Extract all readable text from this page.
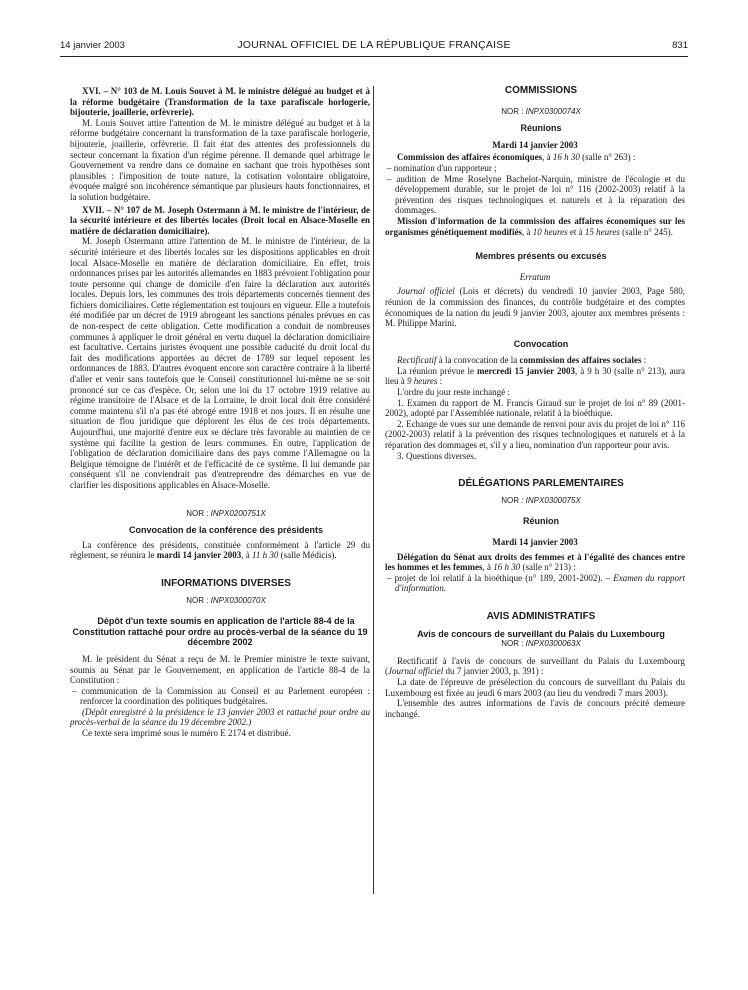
14 janvier 2003	JOURNAL OFFICIEL DE LA RÉPUBLIQUE FRANÇAISE	831

XVI. – N° 103 de M. Louis Souvet à M. le ministre délégué au budget et à la réforme budgétaire (Transformation de la taxe parafiscale horlogerie, bijouterie, joaillerie, orfèvrerie).

M. Louis Souvet attire l'attention de M. le ministre délégué au budget et à la réforme budgétaire concernant la transformation de la taxe parafiscale horlogerie, bijouterie, joaillerie, orfèvrerie. Il fait état des attentes des professionnels du secteur concernant la fixation d'un régime pérenne. Il demande quel arbitrage le Gouvernement va rendre dans ce domaine en sachant que trois hypothèses sont plausibles : l'imposition de toute nature, la cotisation volontaire obligatoire, évoquée malgré son incohérence sémantique par plusieurs hauts fonctionnaires, et la solution budgétaire.

XVII. – N° 107 de M. Joseph Ostermann à M. le ministre de l'intérieur, de la sécurité intérieure et des libertés locales (Droit local en Alsace-Moselle en matière de déclaration domiciliaire).

M. Joseph Ostermann attire l'attention de M. le ministre de l'intérieur, de la sécurité intérieure et des libertés locales sur les dispositions applicables en droit local Alsace-Moselle en matière de déclaration domiciliaire. En effet, trois ordonnances prises par les autorités allemandes en 1883 prévoient l'obligation pour toute personne qui change de domicile d'en faire la déclaration aux autorités locales. Depuis lors, les communes des trois départements concernés tiennent des fichiers domiciliaires. Cette réglementation est toujours en vigueur. Elle a toutefois été modifiée par un décret de 1919 abrogeant les sanctions pénales prévues en cas de non-respect de cette obligation. Cette modification a conduit de nombreuses communes à appliquer le droit général en vertu duquel la déclaration domiciliaire est facultative. Certains juristes évoquent une possible caducité du droit local du fait des modifications apportées au décret de 1789 sur lequel reposent les ordonnances de 1883. D'autres évoquent encore son caractère contraire à la liberté d'aller et venir sans toutefois que le Conseil constitutionnel lui-même ne se soit prononcé sur ce cas d'espèce. Or, selon une loi du 17 octobre 1919 relative au régime transitoire de l'Alsace et de la Lorraine, le droit local doit être considéré comme maintenu s'il n'a pas été abrogé entre 1918 et nos jours. Il en résulte une situation de flou juridique que déplorent les élus de ces trois départements. Aujourd'hui, une majorité d'entre eux se déclare très favorable au maintien de ce système qui facilite la gestion de leurs communes. En outre, l'application de l'obligation de déclaration domiciliaire dans des pays comme l'Allemagne ou la Belgique témoigne de l'intérêt et de l'efficacité de ce système. Il lui demande par conséquent s'il ne conviendrait pas d'entreprendre des démarches en vue de clarifier les dispositions applicables en Alsace-Moselle.

NOR : INPX0200751X

Convocation de la conférence des présidents

La conférence des présidents, constituée conformément à l'article 29 du règlement, se réunira le mardi 14 janvier 2003, à 11 h 30 (salle Médicis).

INFORMATIONS DIVERSES

NOR : INPX0300070X

Dépôt d'un texte soumis en application de l'article 88-4 de la Constitution rattaché pour ordre au procès-verbal de la séance du 19 décembre 2002

M. le président du Sénat a reçu de M. le Premier ministre le texte suivant, soumis au Sénat par le Gouvernement, en application de l'article 88-4 de la Constitution :

– communication de la Commission au Conseil et au Parlement européen : renforcer la coordination des politiques budgétaires.

(Dépôt enregistré à la présidence le 13 janvier 2003 et rattaché pour ordre au procès-verbal de la séance du 19 décembre 2002.)

Ce texte sera imprimé sous le numéro E 2174 et distribué.

COMMISSIONS

NOR : INPX0300074X

Réunions

Mardi 14 janvier 2003

Commission des affaires économiques, à 16 h 30 (salle n° 263) :

– nomination d'un rapporteur ;
– audition de Mme Roselyne Bachelot-Narquin, ministre de l'écologie et du développement durable, sur le projet de loi n° 116 (2002-2003) relatif à la prévention des risques technologiques et naturels et à la réparation des dommages.

Mission d'information de la commission des affaires économiques sur les organismes génétiquement modifiés, à 10 heures et à 15 heures (salle n° 245).

Membres présents ou excusés

Erratum

Journal officiel (Lois et décrets) du vendredi 10 janvier 2003, Page 580, réunion de la commission des finances, du contrôle budgétaire et des comptes économiques de la nation du jeudi 9 janvier 2003, ajouter aux membres présents : M. Philippe Marini.

Convocation

Rectificatif à la convocation de la commission des affaires sociales :

La réunion prévue le mercredi 15 janvier 2003, à 9 h 30 (salle n° 213), aura lieu à 9 heures :

L'ordre du jour reste inchangé :

1. Examen du rapport de M. Francis Giraud sur le projet de loi n° 89 (2001-2002), adopté par l'Assemblée nationale, relatif à la bioéthique.

2. Echange de vues sur une demande de renvoi pour avis du projet de loi n° 116 (2002-2003) relatif à la prévention des risques technologiques et naturels et à la réparation des dommages et, s'il y a lieu, nomination d'un rapporteur pour avis.

3. Questions diverses.

DÉLÉGATIONS PARLEMENTAIRES

NOR : INPX0300075X

Réunion

Mardi 14 janvier 2003

Délégation du Sénat aux droits des femmes et à l'égalité des chances entre les hommes et les femmes, à 16 h 30 (salle n° 213) :

– projet de loi relatif à la bioéthique (n° 189, 2001-2002). – Examen du rapport d'information.

AVIS ADMINISTRATIFS

Avis de concours de surveillant du Palais du Luxembourg

NOR : INPX0300063X

Rectificatif à l'avis de concours de surveillant du Palais du Luxembourg (Journal officiel du 7 janvier 2003, p. 391) :

La date de l'épreuve de présélection du concours de surveillant du Palais du Luxembourg est fixée au jeudi 6 mars 2003 (au lieu du vendredi 7 mars 2003).

L'ensemble des autres informations de l'avis de concours précité demeure inchangé.
